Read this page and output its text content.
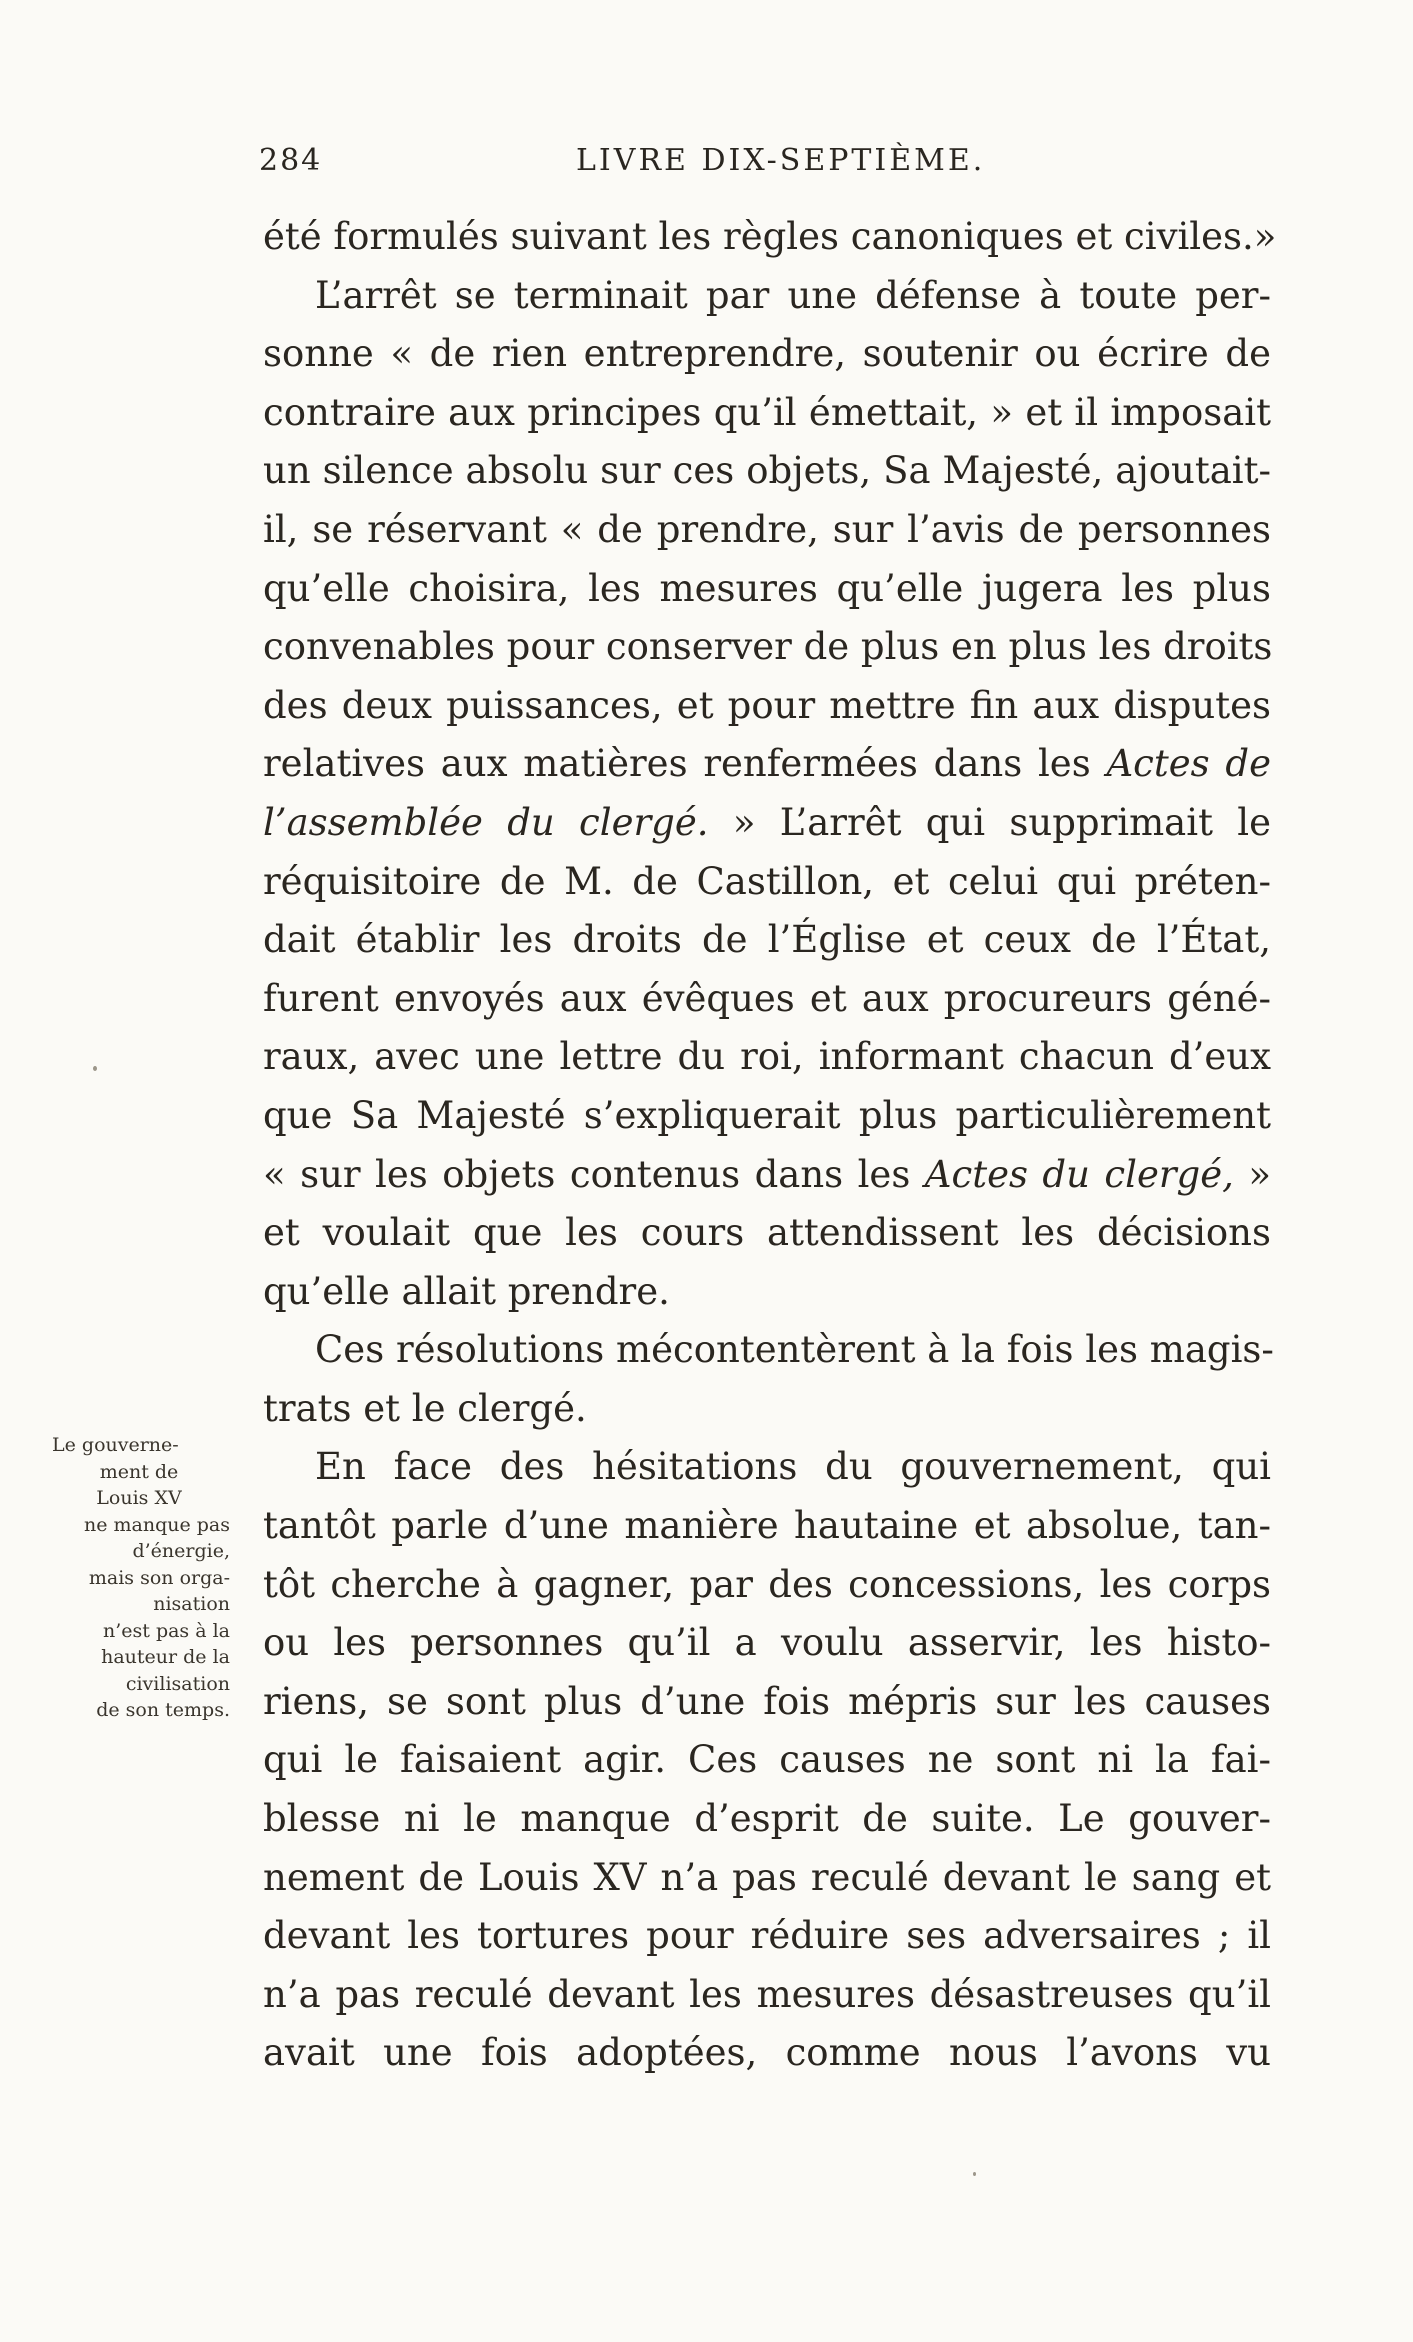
284	LIVRE DIX-SEPTIÈME.
été formulés suivant les règles canoniques et civiles.»
L’arrêt se terminait par une défense à toute per-
sonne « de rien entreprendre, soutenir ou écrire de
contraire aux principes qu’il émettait, » et il imposait
un silence absolu sur ces objets, Sa Majesté, ajoutait-
il, se réservant « de prendre, sur l’avis de personnes
qu’elle choisira, les mesures qu’elle jugera les plus
convenables pour conserver de plus en plus les droits
des deux puissances, et pour mettre fin aux disputes
relatives aux matières renfermées dans les Actes de
l’assemblée du clergé. » L’arrêt qui supprimait le
réquisitoire de M. de Castillon, et celui qui préten-
dait établir les droits de l’Église et ceux de l’État,
furent envoyés aux évêques et aux procureurs géné-
raux, avec une lettre du roi, informant chacun d’eux
que Sa Majesté s’expliquerait plus particulièrement
« sur les objets contenus dans les Actes du clergé, »
et voulait que les cours attendissent les décisions
qu’elle allait prendre.
Ces résolutions mécontentèrent à la fois les magis-
trats et le clergé.
En face des hésitations du gouvernement, qui
tantôt parle d’une manière hautaine et absolue, tan-
tôt cherche à gagner, par des concessions, les corps
ou les personnes qu’il a voulu asservir, les histo-
riens, se sont plus d’une fois mépris sur les causes
qui le faisaient agir. Ces causes ne sont ni la fai-
blesse ni le manque d’esprit de suite. Le gouver-
nement de Louis XV n’a pas reculé devant le sang et
devant les tortures pour réduire ses adversaires ; il
n’a pas reculé devant les mesures désastreuses qu’il
avait une fois adoptées, comme nous l’avons vu
Le gouverne-
ment de
Louis XV
ne manque pas
d’énergie,
mais son orga-
nisation
n’est pas à la
hauteur de la
civilisation
de son temps.
